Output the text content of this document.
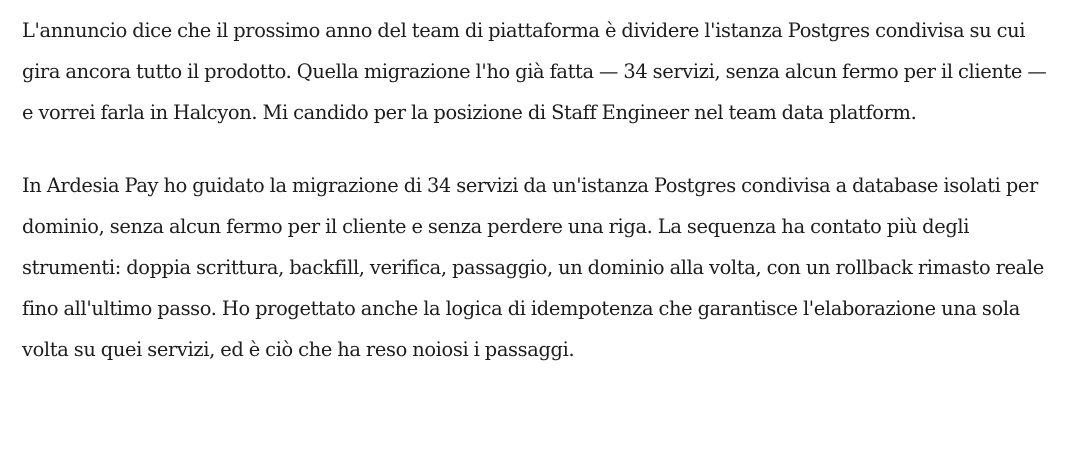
L'annuncio dice che il prossimo anno del team di piattaforma è dividere l'istanza Postgres condivisa su cui gira ancora tutto il prodotto. Quella migrazione l'ho già fatta — 34 servizi, senza alcun fermo per il cliente — e vorrei farla in Halcyon. Mi candido per la posizione di Staff Engineer nel team data platform.

In Ardesia Pay ho guidato la migrazione di 34 servizi da un'istanza Postgres condivisa a database isolati per dominio, senza alcun fermo per il cliente e senza perdere una riga. La sequenza ha contato più degli strumenti: doppia scrittura, backfill, verifica, passaggio, un dominio alla volta, con un rollback rimasto reale fino all'ultimo passo. Ho progettato anche la logica di idempotenza che garantisce l'elaborazione una sola volta su quei servizi, ed è ciò che ha reso noiosi i passaggi.
